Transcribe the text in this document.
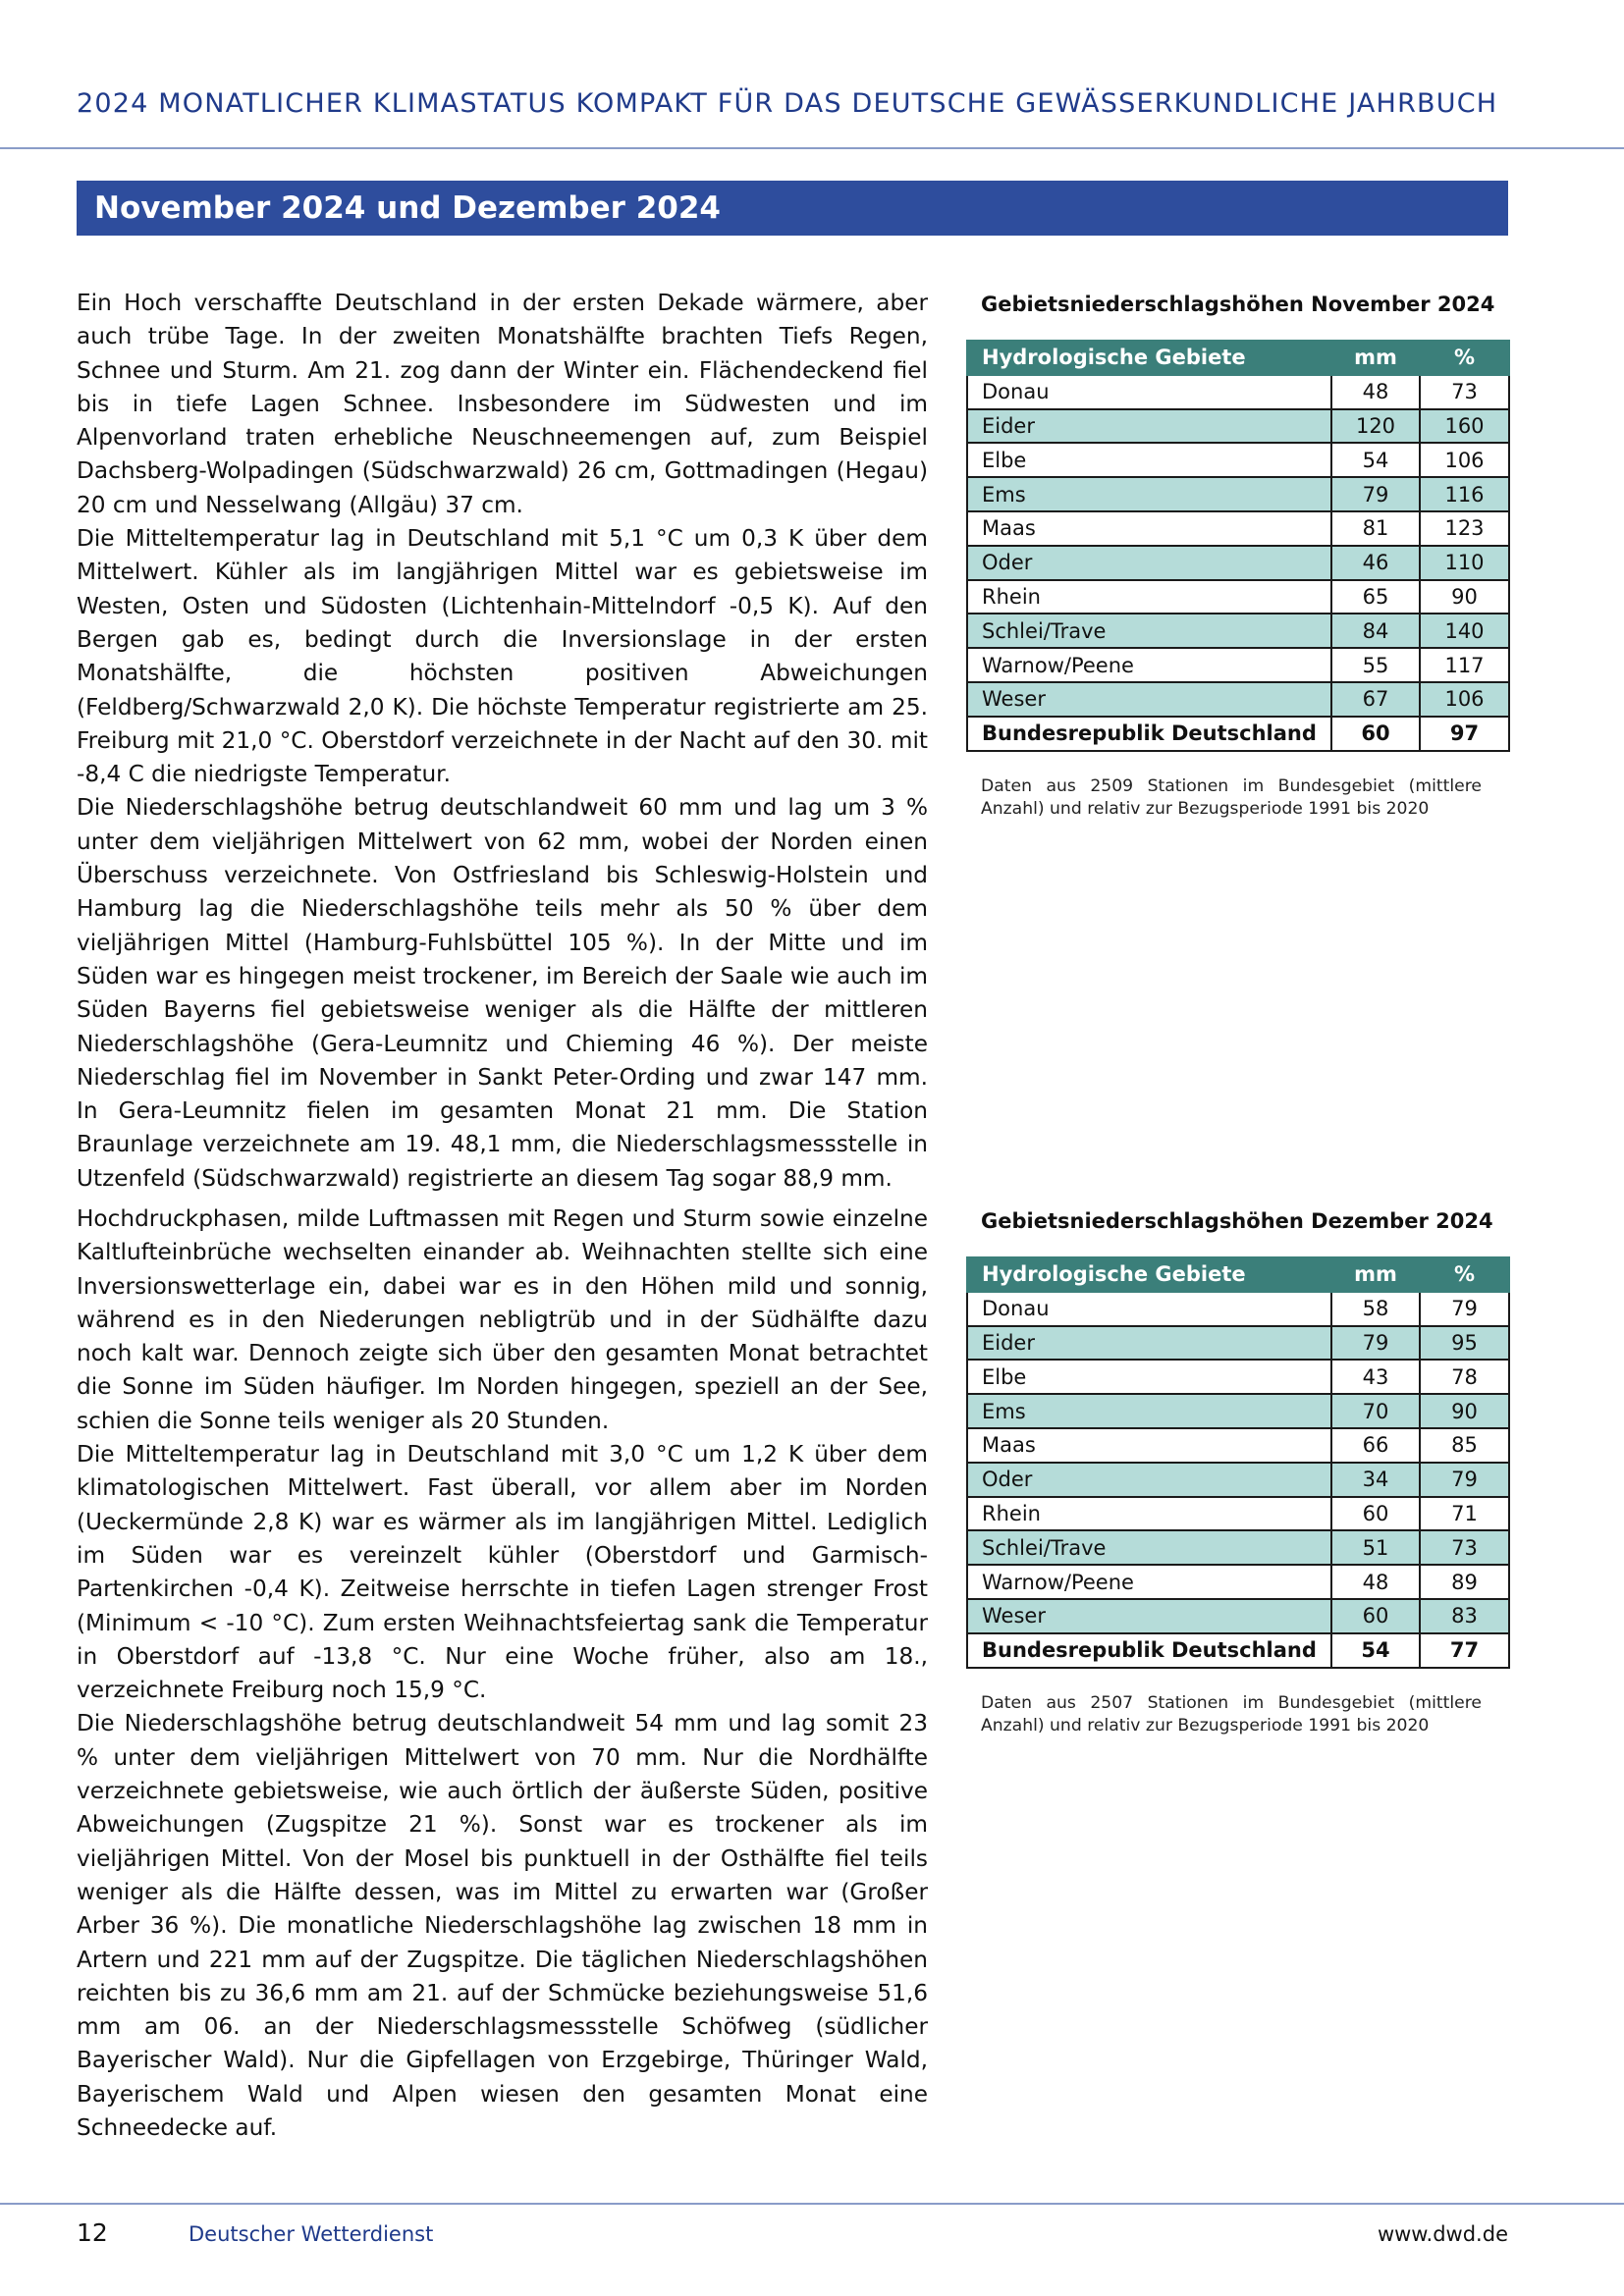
2024 MONATLICHER KLIMASTATUS KOMPAKT FÜR DAS DEUTSCHE GEWÄSSERKUNDLICHE JAHRBUCH
November 2024 und Dezember 2024

Ein Hoch verschaffte Deutschland in der ersten Dekade wärmere, aber auch trübe Tage. In der zweiten Monatshälfte brachten Tiefs Regen, Schnee und Sturm. Am 21. zog dann der Winter ein. Flächendeckend fiel bis in tiefe Lagen Schnee. Insbesondere im Südwesten und im Alpenvorland traten erhebliche Neuschneemengen auf, zum Beispiel Dachsberg-Wolpadingen (Südschwarzwald) 26 cm, Gottmadingen (Hegau) 20 cm und Nesselwang (Allgäu) 37 cm.

Die Mitteltemperatur lag in Deutschland mit 5,1 °C um 0,3 K über dem Mittelwert. Kühler als im langjährigen Mittel war es gebietsweise im Westen, Osten und Südosten (Lichtenhain-Mittelndorf -0,5 K). Auf den Bergen gab es, bedingt durch die Inversionslage in der ersten Monatshälfte, die höchsten positiven Abweichungen (Feldberg/Schwarzwald 2,0 K). Die höchste Temperatur registrierte am 25. Freiburg mit 21,0 °C. Oberstdorf verzeichnete in der Nacht auf den 30. mit -8,4 C die niedrigste Temperatur.

Die Niederschlagshöhe betrug deutschlandweit 60 mm und lag um 3 % unter dem vieljährigen Mittelwert von 62 mm, wobei der Norden einen Überschuss verzeichnete. Von Ostfriesland bis Schleswig-Holstein und Hamburg lag die Niederschlagshöhe teils mehr als 50 % über dem vieljährigen Mittel (Hamburg-Fuhlsbüttel 105 %). In der Mitte und im Süden war es hingegen meist trockener, im Bereich der Saale wie auch im Süden Bayerns fiel gebietsweise weniger als die Hälfte der mittleren Niederschlagshöhe (Gera-Leumnitz und Chieming 46 %). Der meiste Niederschlag fiel im November in Sankt Peter-Ording und zwar 147 mm. In Gera-Leumnitz fielen im gesamten Monat 21 mm. Die Station Braunlage verzeichnete am 19. 48,1 mm, die Niederschlagsmessstelle in Utzenfeld (Südschwarzwald) registrierte an diesem Tag sogar 88,9 mm.

Gebietsniederschlagshöhen November 2024
Hydrologische Gebiete	mm	%
Donau	48	73
Eider	120	160
Elbe	54	106
Ems	79	116
Maas	81	123
Oder	46	110
Rhein	65	90
Schlei/Trave	84	140
Warnow/Peene	55	117
Weser	67	106
Bundesrepublik Deutschland	60	97
Daten aus 2509 Stationen im Bundesgebiet (mittlere Anzahl) und relativ zur Bezugsperiode 1991 bis 2020

Hochdruckphasen, milde Luftmassen mit Regen und Sturm sowie einzelne Kaltlufteinbrüche wechselten einander ab. Weihnachten stellte sich eine Inversionswetterlage ein, dabei war es in den Höhen mild und sonnig, während es in den Niederungen nebligtrüb und in der Südhälfte dazu noch kalt war. Dennoch zeigte sich über den gesamten Monat betrachtet die Sonne im Süden häufiger. Im Norden hingegen, speziell an der See, schien die Sonne teils weniger als 20 Stunden.

Die Mitteltemperatur lag in Deutschland mit 3,0 °C um 1,2 K über dem klimatologischen Mittelwert. Fast überall, vor allem aber im Norden (Ueckermünde 2,8 K) war es wärmer als im langjährigen Mittel. Lediglich im Süden war es vereinzelt kühler (Oberstdorf und Garmisch-Partenkirchen -0,4 K). Zeitweise herrschte in tiefen Lagen strenger Frost (Minimum < -10 °C). Zum ersten Weihnachtsfeiertag sank die Temperatur in Oberstdorf auf -13,8 °C. Nur eine Woche früher, also am 18., verzeichnete Freiburg noch 15,9 °C.

Die Niederschlagshöhe betrug deutschlandweit 54 mm und lag somit 23 % unter dem vieljährigen Mittelwert von 70 mm. Nur die Nordhälfte verzeichnete gebietsweise, wie auch örtlich der äußerste Süden, positive Abweichungen (Zugspitze 21 %). Sonst war es trockener als im vieljährigen Mittel. Von der Mosel bis punktuell in der Osthälfte fiel teils weniger als die Hälfte dessen, was im Mittel zu erwarten war (Großer Arber 36 %). Die monatliche Niederschlagshöhe lag zwischen 18 mm in Artern und 221 mm auf der Zugspitze. Die täglichen Niederschlagshöhen reichten bis zu 36,6 mm am 21. auf der Schmücke beziehungsweise 51,6 mm am 06. an der Niederschlagsmessstelle Schöfweg (südlicher Bayerischer Wald). Nur die Gipfellagen von Erzgebirge, Thüringer Wald, Bayerischem Wald und Alpen wiesen den gesamten Monat eine Schneedecke auf.

Gebietsniederschlagshöhen Dezember 2024
Hydrologische Gebiete	mm	%
Donau	58	79
Eider	79	95
Elbe	43	78
Ems	70	90
Maas	66	85
Oder	34	79
Rhein	60	71
Schlei/Trave	51	73
Warnow/Peene	48	89
Weser	60	83
Bundesrepublik Deutschland	54	77
Daten aus 2507 Stationen im Bundesgebiet (mittlere Anzahl) und relativ zur Bezugsperiode 1991 bis 2020
12	Deutscher Wetterdienst	www.dwd.de
